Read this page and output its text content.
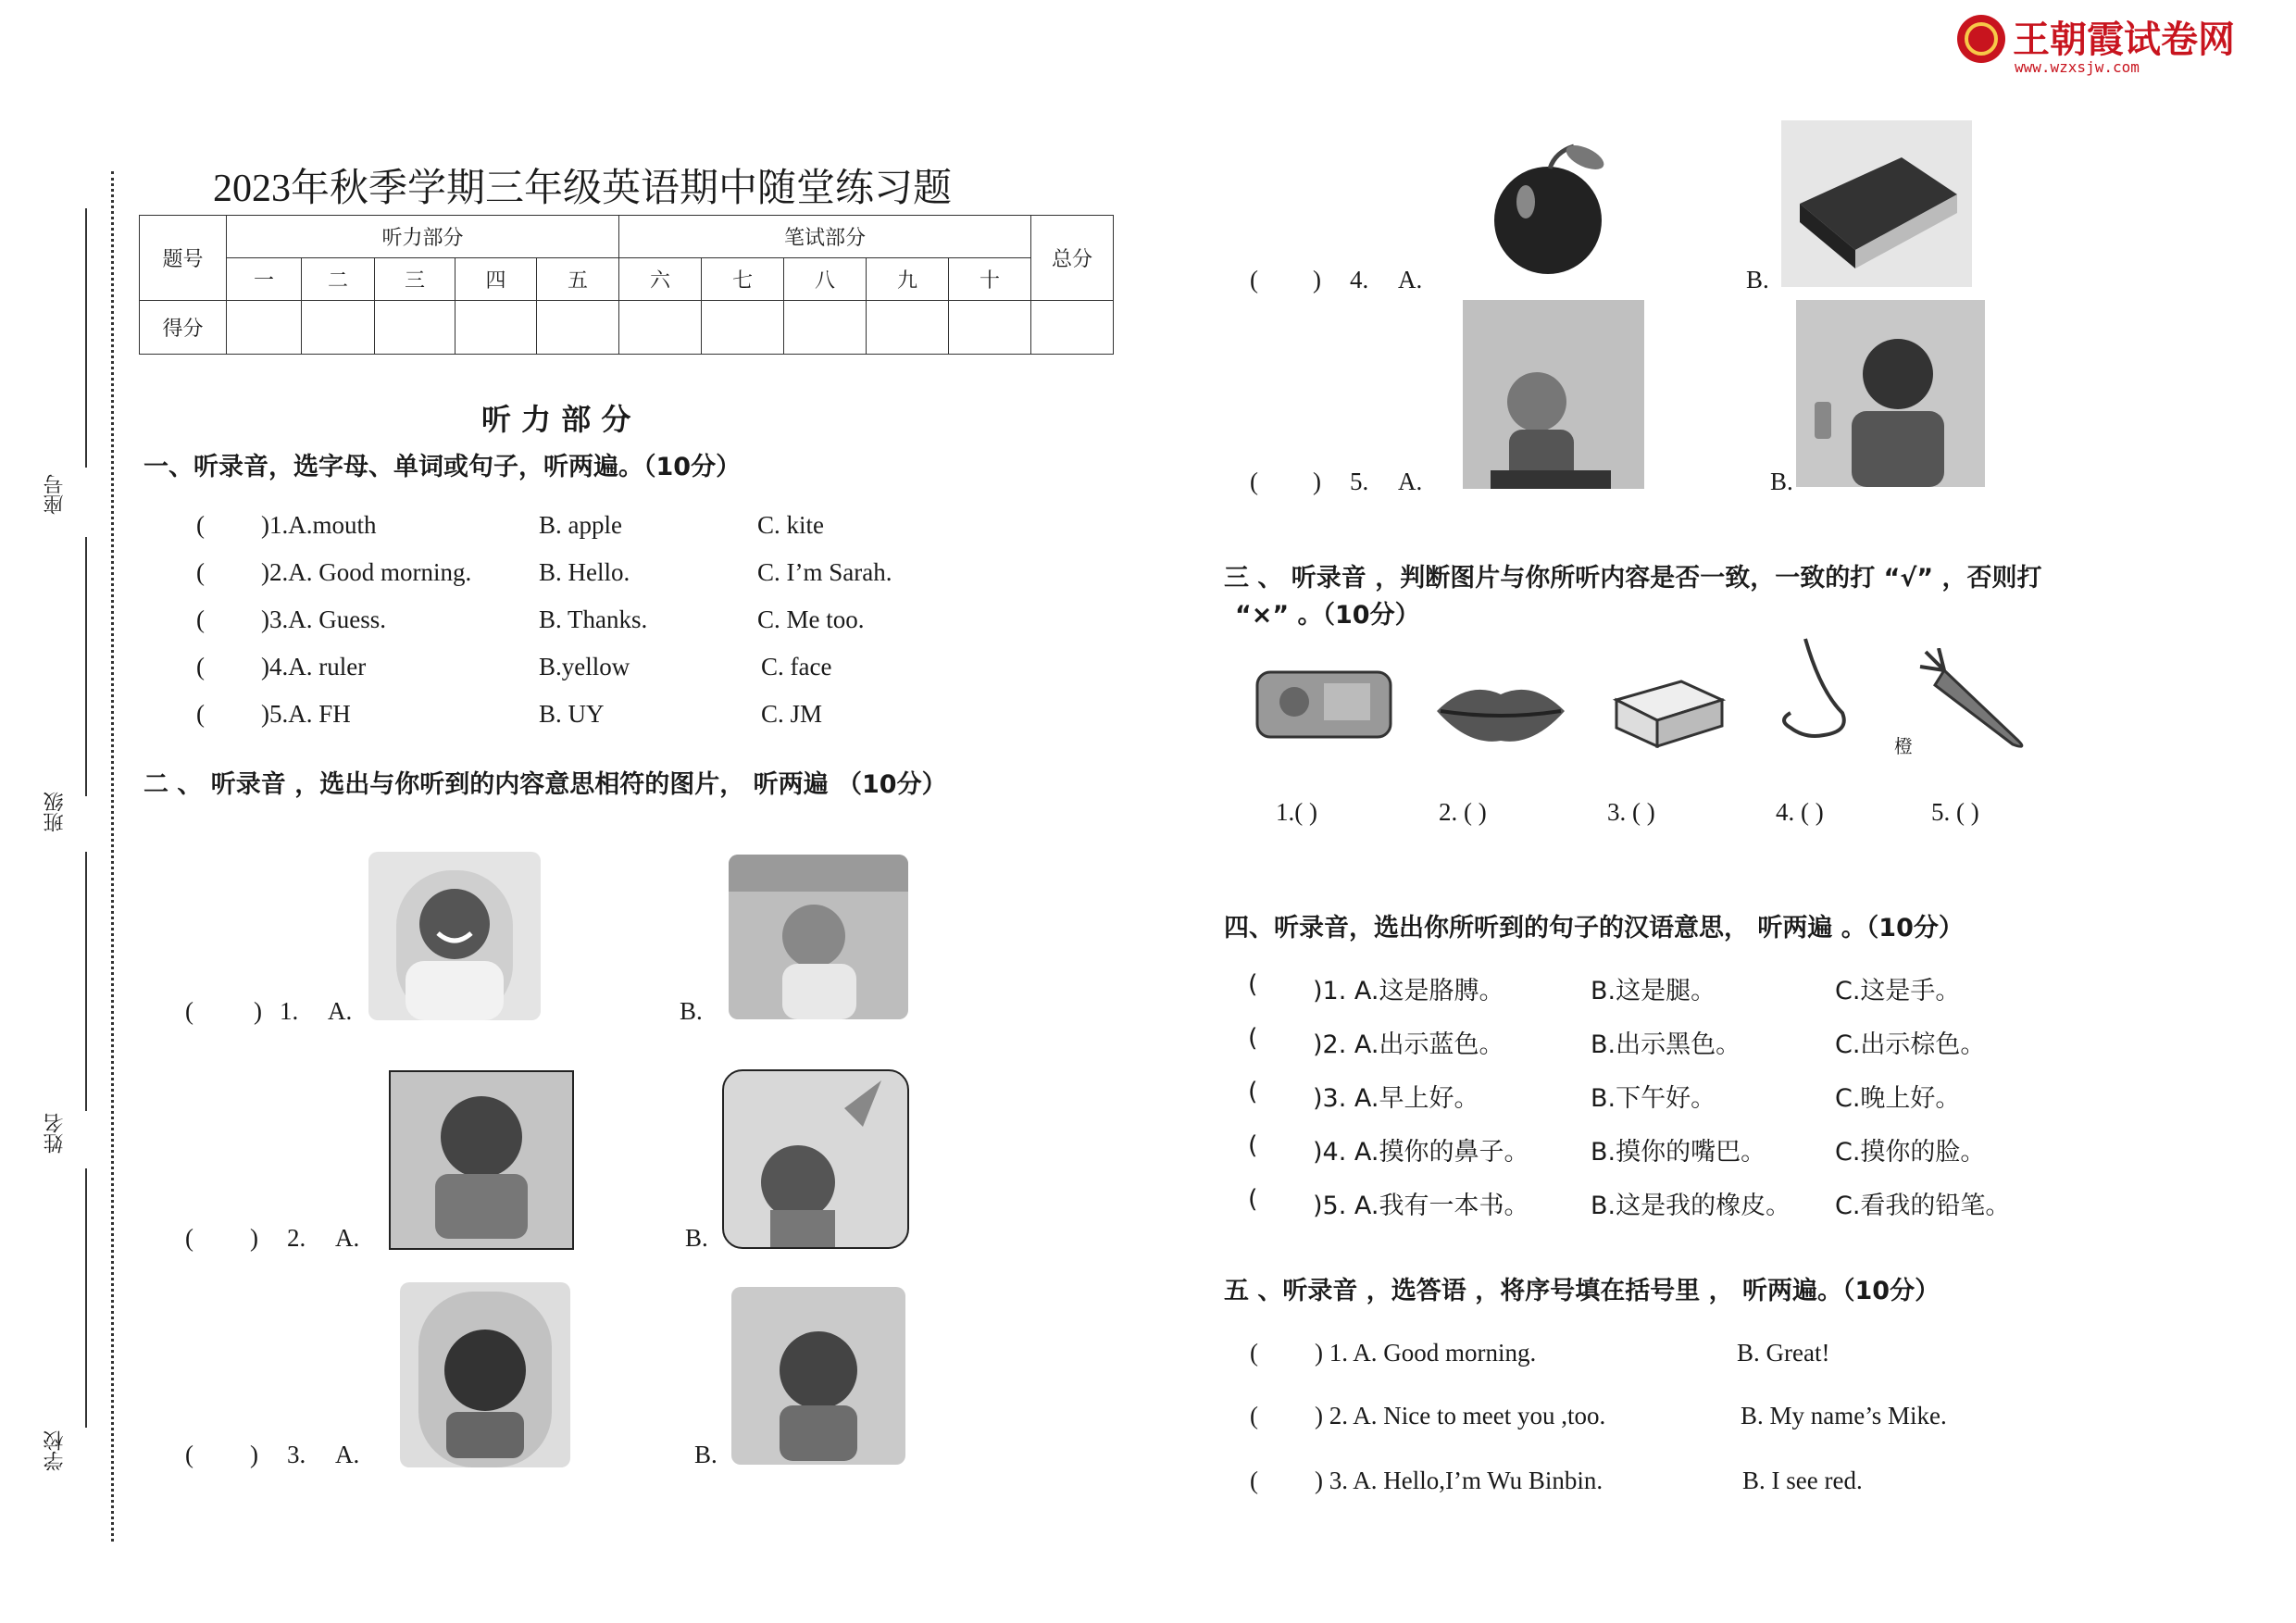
王朝霞试卷网
www.wzxsjw.com
座号
班级
姓名
学校
2023年秋季学期三年级英语期中随堂练习题
题号	听力部分					笔试部分					总分
	一	二	三	四	五	六	七	八	九	十	
得分											
听 力 部 分
一、听录音，选字母、单词或句子，听两遍。（10分）
( )1.A.mouth	B. apple	C. kite
( )2.A. Good morning.	B. Hello.	C. I’m Sarah.
( )3.A. Guess.	B. Thanks.	C. Me too.
( )4.A. ruler	B.yellow	C. face
( )5.A. FH	B. UY	C. JM
二 、 听录音 ，选出与你听到的内容意思相符的图片， 听两遍 （10分）
( ) 1. A.	B.
( ) 2. A.	B.
( ) 3. A.	B.
( ) 4. A.	B.
( ) 5. A.	B.
三 、 听录音 ，判断图片与你所听内容是否一致，一致的打 “√” ，否则打
“×” 。（10分）
橙
1.( )	2. ( )	3. ( )	4. ( )	5. ( )
四、听录音，选出你所听到的句子的汉语意思， 听两遍 。（10分）
( )1. A.这是胳膊。	B.这是腿。	C.这是手。
( )2. A.出示蓝色。	B.出示黑色。	C.出示棕色。
( )3. A.早上好。	B.下午好。	C.晚上好。
( )4. A.摸你的鼻子。 B.摸你的嘴巴。	C.摸你的脸。
( )5. A.我有一本书。 B.这是我的橡皮。 C.看我的铅笔。
五 、听录音 ，选答语 ，将序号填在括号里 ， 听两遍。（10分）
( ) 1. A. Good morning.	B. Great!
( ) 2. A. Nice to meet you ,too.	B. My name’s Mike.
( ) 3. A. Hello,I’m Wu Binbin.	B. I see red.
